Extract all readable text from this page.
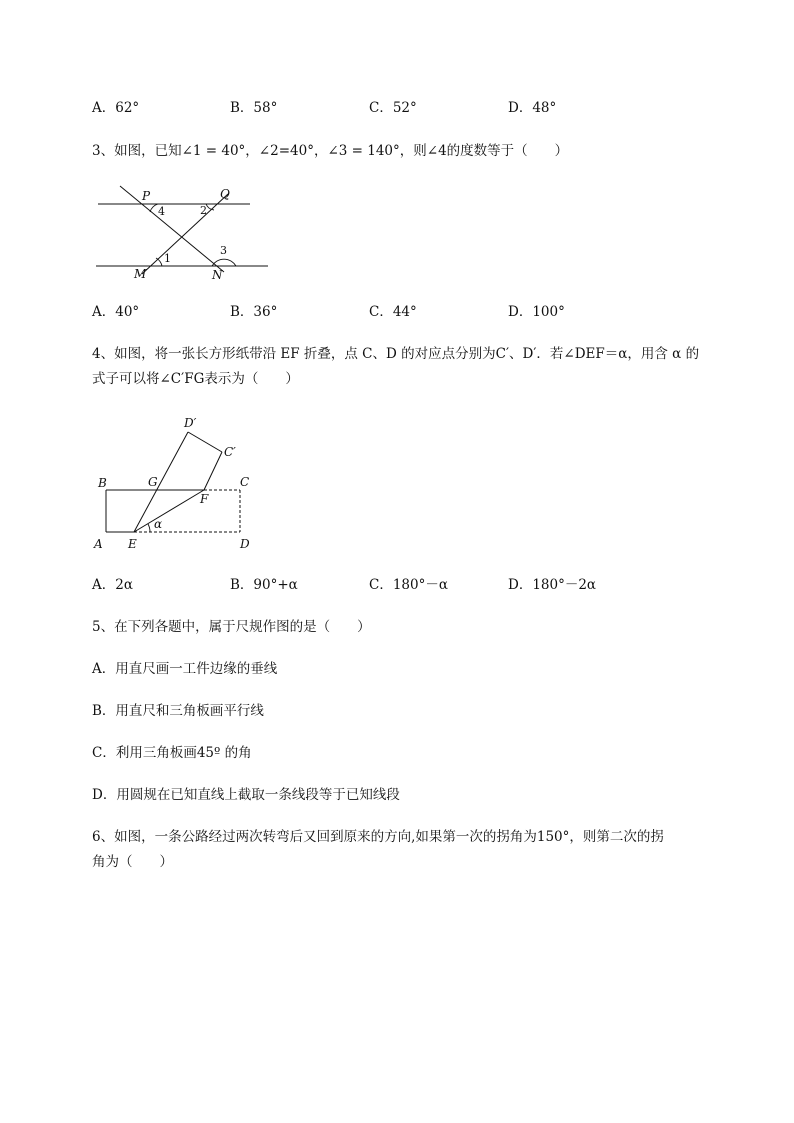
A．62°	B．58°	C．52°	D．48°
3、如图，已知∠1 = 40°，∠2=40°，∠3 = 140°，则∠4的度数等于（　　）
P	Q
M	N
4	2
1
3
A．40°	B．36°	C．44°	D．100°
4、如图，将一张长方形纸带沿 EF 折叠，点 C、D 的对应点分别为C′、D′．若∠DEF＝α，用含 α 的
式子可以将∠C′FG表示为（　　）
D′
C′
B	G	C
F
A E	D
α
A．2α	B．90°+α	C．180°－α	D．180°－2α
5、在下列各题中，属于尺规作图的是（　　）
A．用直尺画一工件边缘的垂线
B．用直尺和三角板画平行线
C．利用三角板画45º 的角
D．用圆规在已知直线上截取一条线段等于已知线段
6、如图，一条公路经过两次转弯后又回到原来的方向,如果第一次的拐角为150°，则第二次的拐
角为（　　）
